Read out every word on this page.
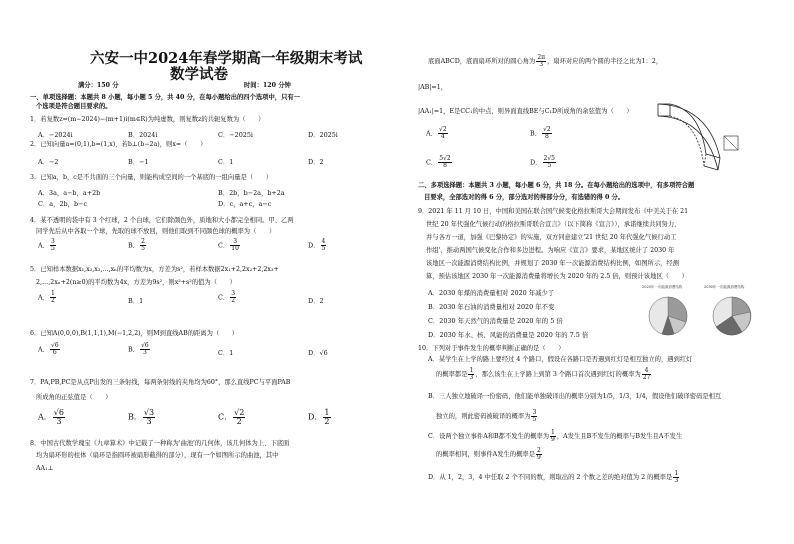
六安一中2024年春学期高一年级期末考试
数学试卷
满分：150 分	时间：120 分钟
一、单项选择题：本题共 8 小题，每小题 5 分，共 40 分，在每小题给出的四个选项中，只有一
个选项是符合题目要求的。
1．若复数z=(m−2024)−(m+1)i(m∈R)为纯虚数，则复数z的共轭复数为（　　）
A．−2024i	B．2024i	C．−2025i	D．2025i
2．已知向量a=(0,1),b=(1,x)，若b⊥(b−2a)，则x=（　　）
A．−2	B．−1	C．1	D．2
3．已知a，b，c是不共面的三个向量，则能构成空间的一个基底的一组向量是（　　）
A．3a，a−b，a+2b	B．2b，b−2a，b+2a
C．a，2b，b−c	D．c，a+c，a−c
4．某不透明的袋中有 3 个红球，2 个白球，它们除颜色外，质地和大小都完全相同。甲、乙两
同学先后从中各取一个球，先取的球不放回，则他们取到不同颜色球的概率为（　　）
A． $\frac{3}{5}$	B． $\frac{2}{5}$	C． $\frac{3}{10}$	D． $\frac{4}{5}$
5．已知样本数据x₁,x₂,x₃,…,xₙ的平均数为x，方差为s²，若样本数据2x₁+2,2x₂+2,2x₃+
2,…,2xₙ+2(n≥0)的平均数为4x，方差为9s²，则x²+s²的值为（　　）
A． $\frac{1}{2}$	B．1	C． $\frac{3}{2}$	D．2
6．已知A(0,0,0),B(1,1,1),M(−1,2,2)，则M到直线AB的距离为（　　）
A． $\frac{√6}{6}$	B． $\frac{√6}{3}$	C．1	D．√6
7．PA,PB,PC是从点P出发的三条射线，每两条射线的夹角均为60°，那么直线PC与平面PAB
所成角的正弦值是（　　）
A． $\frac{√6}{3}$	B． $\frac{√3}{3}$	C． $\frac{√2}{2}$	D． $\frac{1}{2}$
8．中国古代数学瑰宝《九章算术》中记载了一种称为'曲池'的几何体，该几何体为上、下底面
均为扇环形的柱体（扇环是指圆环被扇形截得的部分），现有一个如图所示的曲池，其中
AA₁⊥
底面ABCD，底面扇环所对的圆心角为 $\frac{2\pi}{3}$ ，扇环对应的两个圆的半径之比为1：2，
|AB|=1，
|AA₁|=1，E是CC₁的中点，则异面直线BE与C₁D所成角的余弦值为（　　）
A． $\frac{√2}{4}$	B． $\frac{√2}{8}$
C． $\frac{5√2}{8}$	D． $\frac{2√5}{5}$
二、多项选择题：本题共 3 小题，每小题 6 分，共 18 分。在每小题给出的选项中，有多项符合题
目要求，全部选对的得 6 分，部分选对的得部分分，有选错的得 0 分。
9．2021 年 11 月 10 日，中国和美国在联合国气候变化格拉斯哥大会期间发布《中美关于在 21
世纪 20 年代强化气候行动的格拉斯哥联合宣言》（以下简称《宣言》），承诺继续共同努力，
并与各方一道，加强《巴黎协定》的实施，双方同意建立'21 世纪 20 年代强化气候行动工
作组'，推动两国气候变化合作和多边进程。为响应《宣言》要求，某地区统计了 2030 年
该地区一次能源消费结构比例，并规划了 2030 年一次能源消费结构比例，如图所示，经测
算，预估该地区 2030 年一次能源消费量将增长为 2020 年的 2.5 倍，则预计该地区（　　）
A．2030 年煤的消费量相对 2020 年减少了
B．2030 年石油的消费量相对 2020 年不变
C．2030 年天然气的消费量是 2020 年的 5 倍
D．2030 年水、核、风能的消费量是 2020 年的 7.5 倍
2020年一次能源消费结构	2030年一次能源消费结构
10．下列对于事件发生的概率判断正确的是（　　）
A．某学生在上学的路上要经过 4 个路口，假设在各路口是否遇到红灯是相互独立的，遇到红灯
的概率都是 $\frac{1}{3}$ ，那么该生在上学路上到第 3 个路口首次遇到红灯的概率为 $\frac{4}{27}$
B．三人独立地破译一份密码，他们能单独破译出的概率分别为1/5，1/3，1/4，假设他们破译密码是相互
独立的，则此密码被破译的概率为 $\frac{3}{5}$
C．设两个独立事件A和B都不发生的概率为 $\frac{1}{9}$ ，A发生且B不发生的概率与B发生且A不发生
的概率相同，则事件A发生的概率是 $\frac{2}{9}$
D．从 1，2，3，4 中任取 2 个不同的数，则取出的 2 个数之差的绝对值为 2 的概率是 $\frac{1}{3}$
